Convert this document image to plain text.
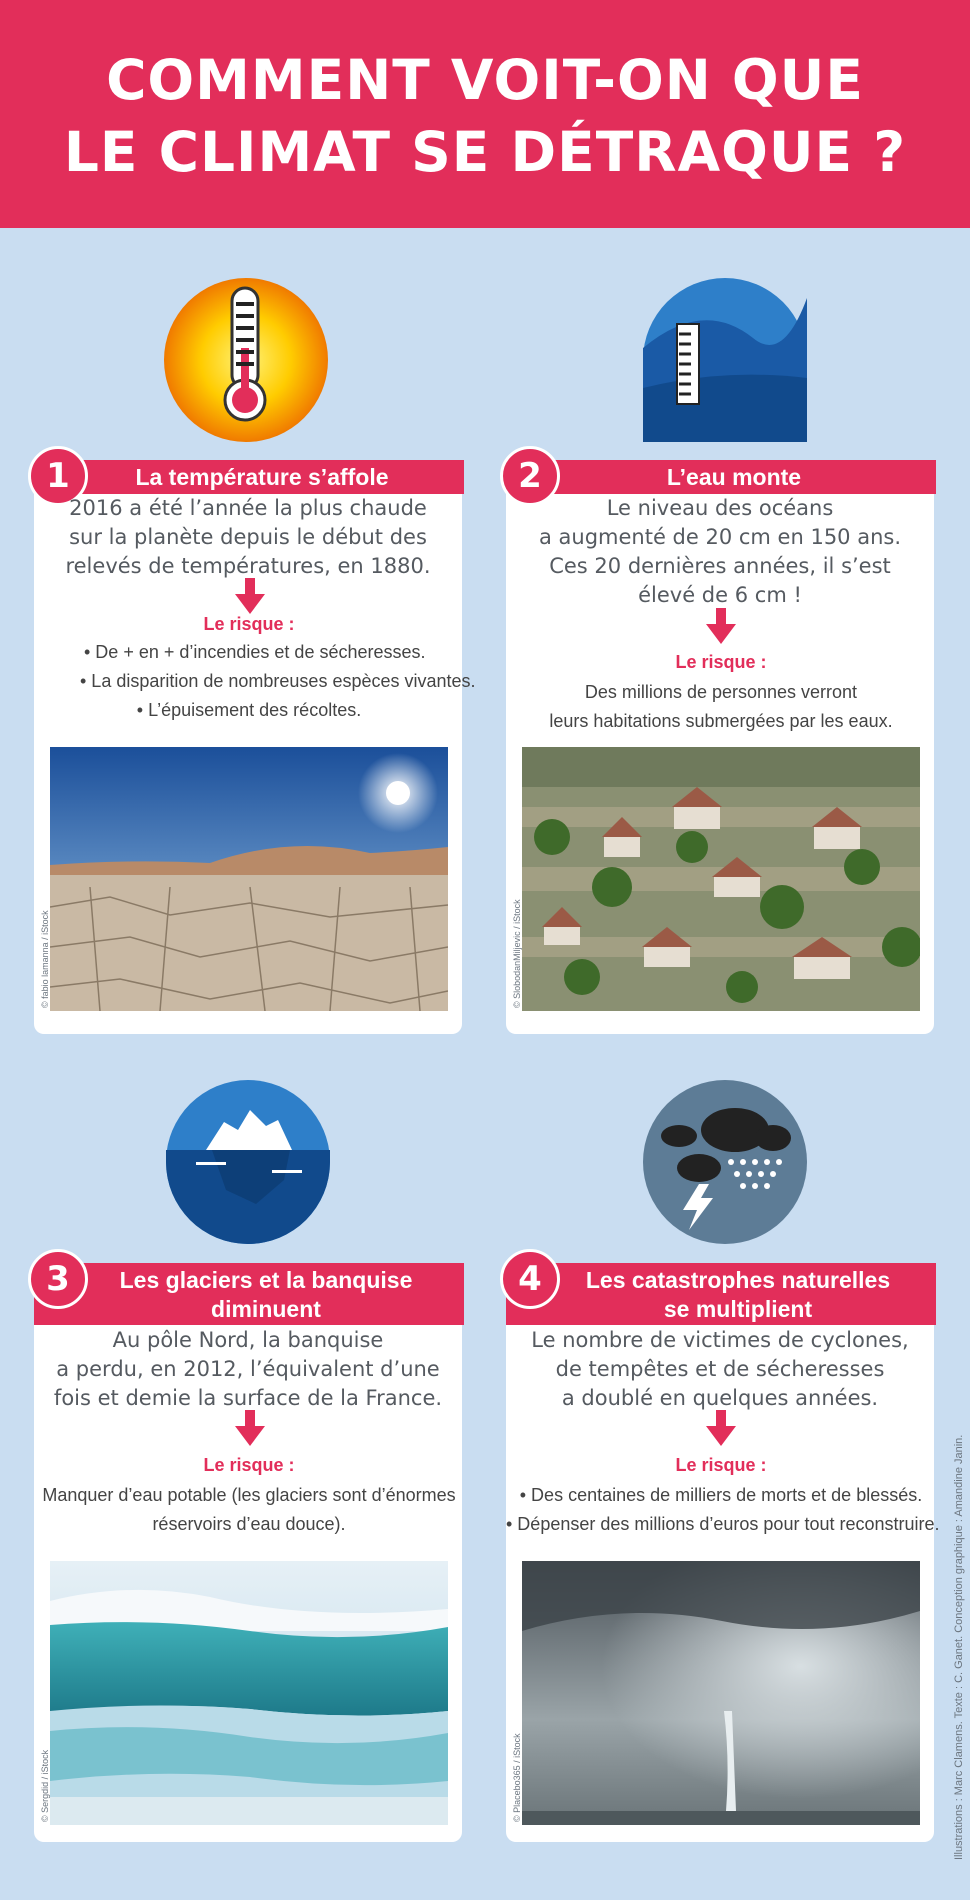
COMMENT VOIT-ON QUE
LE CLIMAT SE DÉTRAQUE ?
La température s’affole
1
2016 a été l’année la plus chaude
sur la planète depuis le début des
relevés de températures, en 1880.
Le risque :
• De + en + d’incendies et de sécheresses.
• La disparition de nombreuses espèces vivantes.
• L’épuisement des récoltes.
© fabio lamanna / iStock
L’eau monte
2
Le niveau des océans
a augmenté de 20 cm en 150 ans.
Ces 20 dernières années, il s’est
élevé de 6 cm !
Le risque :
Des millions de personnes verront
leurs habitations submergées par les eaux.
© SlobodanMiljevic / iStock
Les glaciers et la banquise
diminuent
3
Au pôle Nord, la banquise
a perdu, en 2012, l’équivalent d’une
fois et demie la surface de la France.
Le risque :
Manquer d’eau potable (les glaciers sont d’énormes
réservoirs d’eau douce).
© Sergdid / iStock
Les catastrophes naturelles
se multiplient
4
Le nombre de victimes de cyclones,
de tempêtes et de sécheresses
a doublé en quelques années.
Le risque :
• Des centaines de milliers de morts et de blessés.
• Dépenser des millions d’euros pour tout reconstruire.
© Placebo365 / iStock	Illustrations : Marc Clamens. Texte : C. Ganet. Conception graphique : Amandine Janin.
